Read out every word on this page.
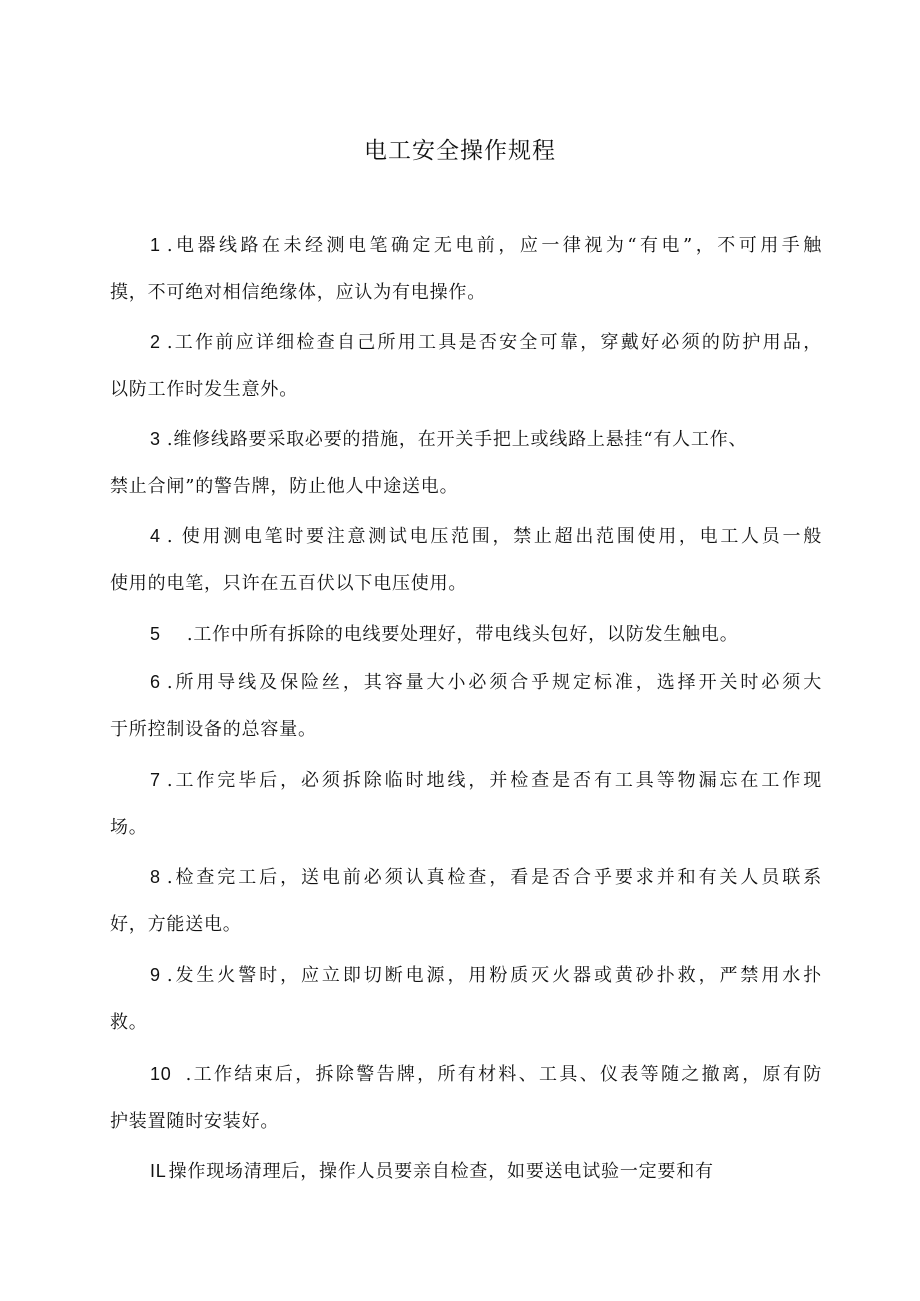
电工安全操作规程
1 .电器线路在未经测电笔确定无电前，应一律视为“有电”，不可用手触
摸，不可绝对相信绝缘体，应认为有电操作。
2 .工作前应详细检查自己所用工具是否安全可靠，穿戴好必须的防护用品，
以防工作时发生意外。
3 .维修线路要采取必要的措施，在开关手把上或线路上悬挂“有人工作、
禁止合闸”的警告牌，防止他人中途送电。
4 . 使用测电笔时要注意测试电压范围，禁止超出范围使用，电工人员一般
使用的电笔，只许在五百伏以下电压使用。
5 .工作中所有拆除的电线要处理好，带电线头包好，以防发生触电。
6 .所用导线及保险丝，其容量大小必须合乎规定标准，选择开关时必须大
于所控制设备的总容量。
7 .工作完毕后，必须拆除临时地线，并检查是否有工具等物漏忘在工作现
场。
8 .检查完工后，送电前必须认真检查，看是否合乎要求并和有关人员联系
好，方能送电。
9 .发生火警时，应立即切断电源，用粉质灭火器或黄砂扑救，严禁用水扑
救。
10 .工作结束后，拆除警告牌，所有材料、工具、仪表等随之撤离，原有防
护装置随时安装好。
IL 操作现场清理后，操作人员要亲自检查，如要送电试验一定要和有
